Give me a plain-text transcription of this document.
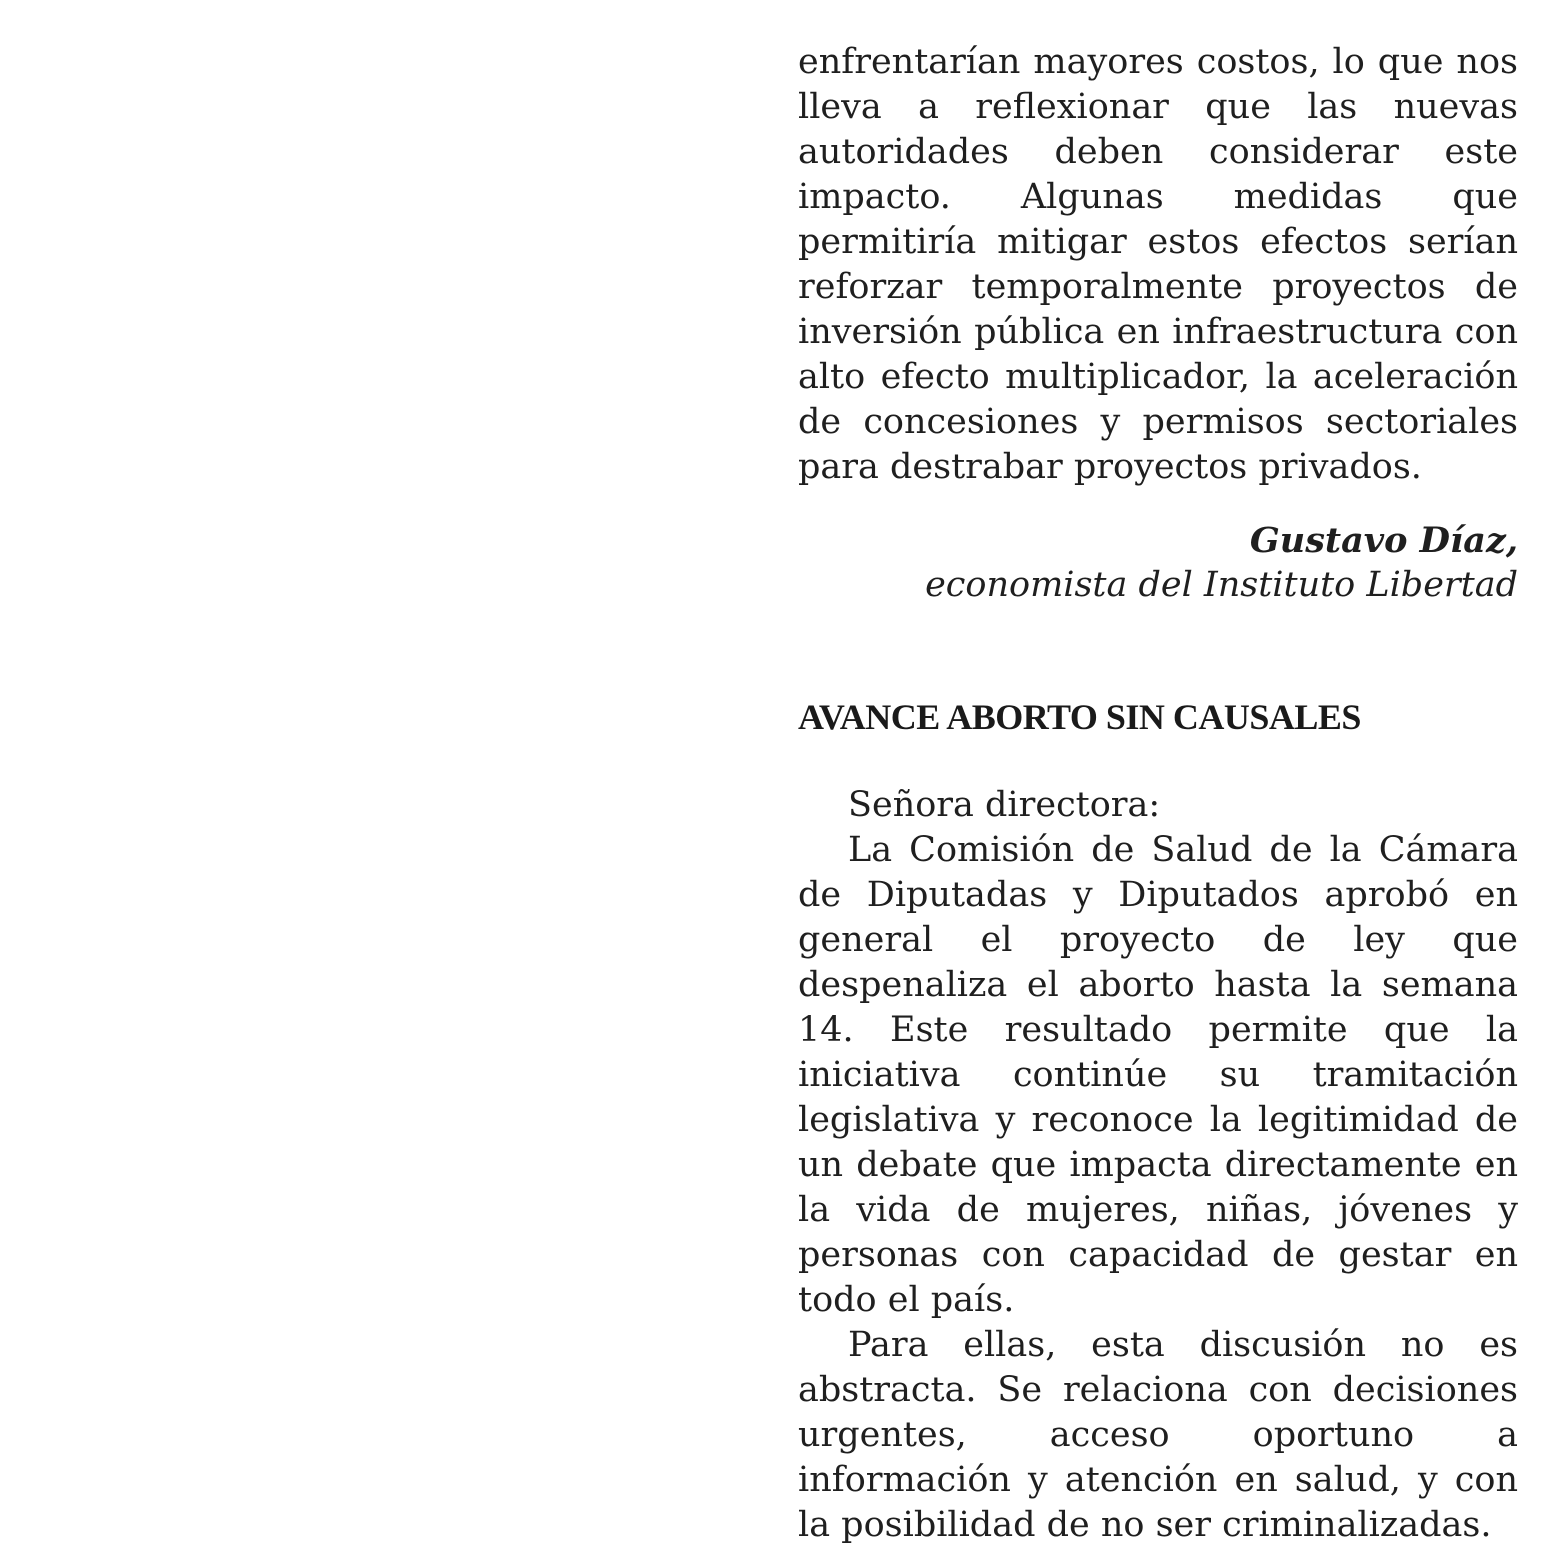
enfrentarían mayores costos, lo que nos lleva a reflexionar que las nuevas autoridades deben considerar este impacto. Algunas medidas que permitiría mitigar estos efectos serían reforzar temporalmente proyectos de inversión pública en infraestructura con alto efecto multiplicador, la aceleración de concesiones y permisos sectoriales para destrabar proyectos privados.

Gustavo Díaz,
economista del Instituto Libertad
AVANCE ABORTO SIN CAUSALES

Señora directora:

La Comisión de Salud de la Cámara de Diputadas y Diputados aprobó en general el proyecto de ley que despenaliza el aborto hasta la semana 14. Este resultado permite que la iniciativa continúe su tramitación legislativa y reconoce la legitimidad de un debate que impacta directamente en la vida de mujeres, niñas, jóvenes y personas con capacidad de gestar en todo el país.

Para ellas, esta discusión no es abstracta. Se relaciona con decisiones urgentes, acceso oportuno a información y atención en salud, y con la posibilidad de no ser criminalizadas.
